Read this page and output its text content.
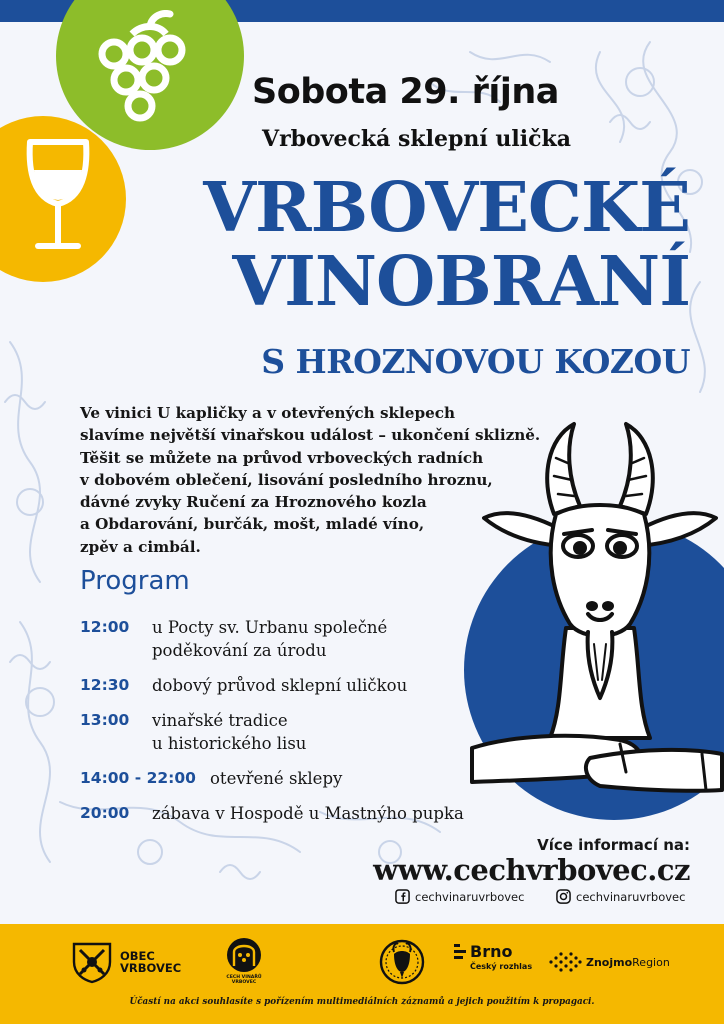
Sobota 29. října
Vrbovecká sklepní ulička
VRBOVECKÉ
VINOBRANÍ
S HROZNOVOU KOZOU
Ve vinici U kapličky a v otevřených sklepech
slavíme největší vinařskou událost – ukončení sklizně.
Těšit se můžete na průvod vrboveckých radních
v dobovém oblečení, lisování posledního hroznu,
dávné zvyky Ručení za Hroznového kozla
a Obdarování, burčák, mošt, mladé víno,
zpěv a cimbál.
Program
12:00	u Pocty sv. Urbanu společné
poděkování za úrodu
12:30	dobový průvod sklepní uličkou
13:00	vinařské tradice
u historického lisu
14:00 - 22:00 otevřené sklepy
20:00	zábava v Hospodě u Mastnýho pupka
Více informací na:
www.cechvrbovec.cz
cechvinaruvrbovec	cechvinaruvrbovec
OBEC
VRBOVEC
CECH VINAŘŮ
VRBOVEC
Brno
Český rozhlas	ZnojmoRegion
Účastí na akci souhlasíte s pořízením multimediálních záznamů a jejich použitím k propagaci.
